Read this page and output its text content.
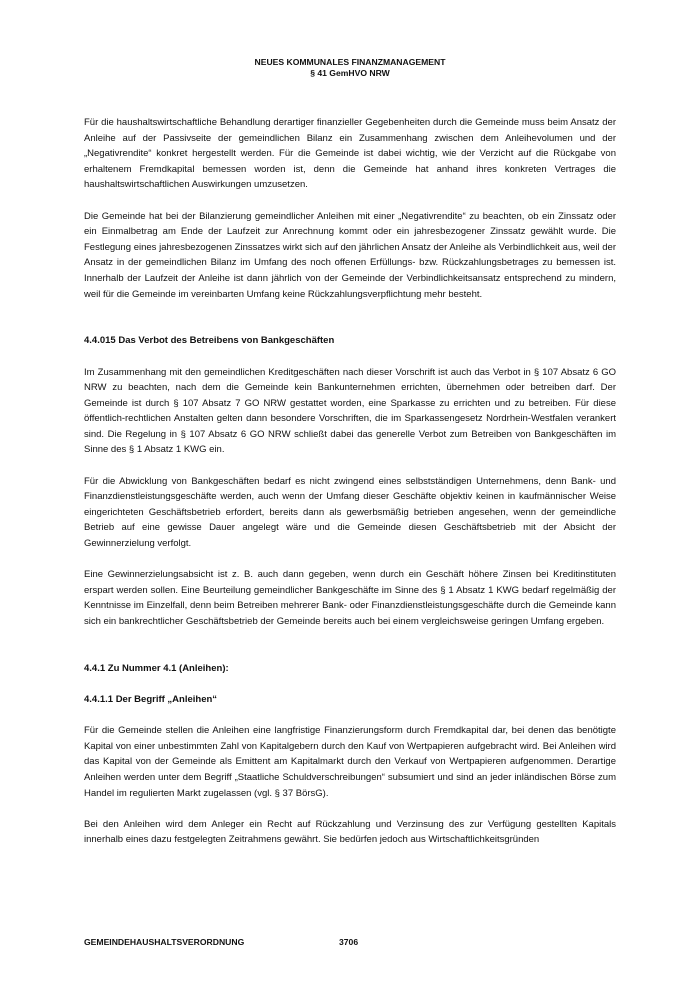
NEUES KOMMUNALES FINANZMANAGEMENT
§ 41 GemHVO NRW

Für die haushaltswirtschaftliche Behandlung derartiger finanzieller Gegebenheiten durch die Gemeinde muss beim Ansatz der Anleihe auf der Passivseite der gemeindlichen Bilanz ein Zusammenhang zwischen dem Anleihevolumen und der „Negativrendite“ konkret hergestellt werden. Für die Gemeinde ist dabei wichtig, wie der Verzicht auf die Rückgabe von erhaltenem Fremdkapital bemessen worden ist, denn die Gemeinde hat anhand ihres konkreten Vertrages die haushaltswirtschaftlichen Auswirkungen umzusetzen.

Die Gemeinde hat bei der Bilanzierung gemeindlicher Anleihen mit einer „Negativrendite“ zu beachten, ob ein Zinssatz oder ein Einmalbetrag am Ende der Laufzeit zur Anrechnung kommt oder ein jahresbezogener Zinssatz gewählt wurde. Die Festlegung eines jahresbezogenen Zinssatzes wirkt sich auf den jährlichen Ansatz der Anleihe als Verbindlichkeit aus, weil der Ansatz in der gemeindlichen Bilanz im Umfang des noch offenen Erfüllungs- bzw. Rückzahlungsbetrages zu bemessen ist. Innerhalb der Laufzeit der Anleihe ist dann jährlich von der Gemeinde der Verbindlichkeitsansatz entsprechend zu mindern, weil für die Gemeinde im vereinbarten Umfang keine Rückzahlungsverpflichtung mehr besteht.

4.4.015 Das Verbot des Betreibens von Bankgeschäften

Im Zusammenhang mit den gemeindlichen Kreditgeschäften nach dieser Vorschrift ist auch das Verbot in § 107 Absatz 6 GO NRW zu beachten, nach dem die Gemeinde kein Bankunternehmen errichten, übernehmen oder betreiben darf. Der Gemeinde ist durch § 107 Absatz 7 GO NRW gestattet worden, eine Sparkasse zu errichten und zu betreiben. Für diese öffentlich-rechtlichen Anstalten gelten dann besondere Vorschriften, die im Sparkassengesetz Nordrhein-Westfalen verankert sind. Die Regelung in § 107 Absatz 6 GO NRW schließt dabei das generelle Verbot zum Betreiben von Bankgeschäften im Sinne des § 1 Absatz 1 KWG ein.

Für die Abwicklung von Bankgeschäften bedarf es nicht zwingend eines selbstständigen Unternehmens, denn Bank- und Finanzdienstleistungsgeschäfte werden, auch wenn der Umfang dieser Geschäfte objektiv keinen in kaufmännischer Weise eingerichteten Geschäftsbetrieb erfordert, bereits dann als gewerbsmäßig betrieben angesehen, wenn der gemeindliche Betrieb auf eine gewisse Dauer angelegt wäre und die Gemeinde diesen Geschäftsbetrieb mit der Absicht der Gewinnerzielung verfolgt.

Eine Gewinnerzielungsabsicht ist z. B. auch dann gegeben, wenn durch ein Geschäft höhere Zinsen bei Kreditinstituten erspart werden sollen. Eine Beurteilung gemeindlicher Bankgeschäfte im Sinne des § 1 Absatz 1 KWG bedarf regelmäßig der Kenntnisse im Einzelfall, denn beim Betreiben mehrerer Bank- oder Finanzdienstleistungsgeschäfte durch die Gemeinde kann sich ein bankrechtlicher Geschäftsbetrieb der Gemeinde bereits auch bei einem vergleichsweise geringen Umfang ergeben.

4.4.1 Zu Nummer 4.1 (Anleihen):
4.4.1.1 Der Begriff „Anleihen“

Für die Gemeinde stellen die Anleihen eine langfristige Finanzierungsform durch Fremdkapital dar, bei denen das benötigte Kapital von einer unbestimmten Zahl von Kapitalgebern durch den Kauf von Wertpapieren aufgebracht wird. Bei Anleihen wird das Kapital von der Gemeinde als Emittent am Kapitalmarkt durch den Verkauf von Wertpapieren aufgenommen. Derartige Anleihen werden unter dem Begriff „Staatliche Schuldverschreibungen“ subsumiert und sind an jeder inländischen Börse zum Handel im regulierten Markt zugelassen (vgl. § 37 BörsG).

Bei den Anleihen wird dem Anleger ein Recht auf Rückzahlung und Verzinsung des zur Verfügung gestellten Kapitals innerhalb eines dazu festgelegten Zeitrahmens gewährt. Sie bedürfen jedoch aus Wirtschaftlichkeitsgründen

GEMEINDEHAUSHALTSVERORDNUNG	3706
